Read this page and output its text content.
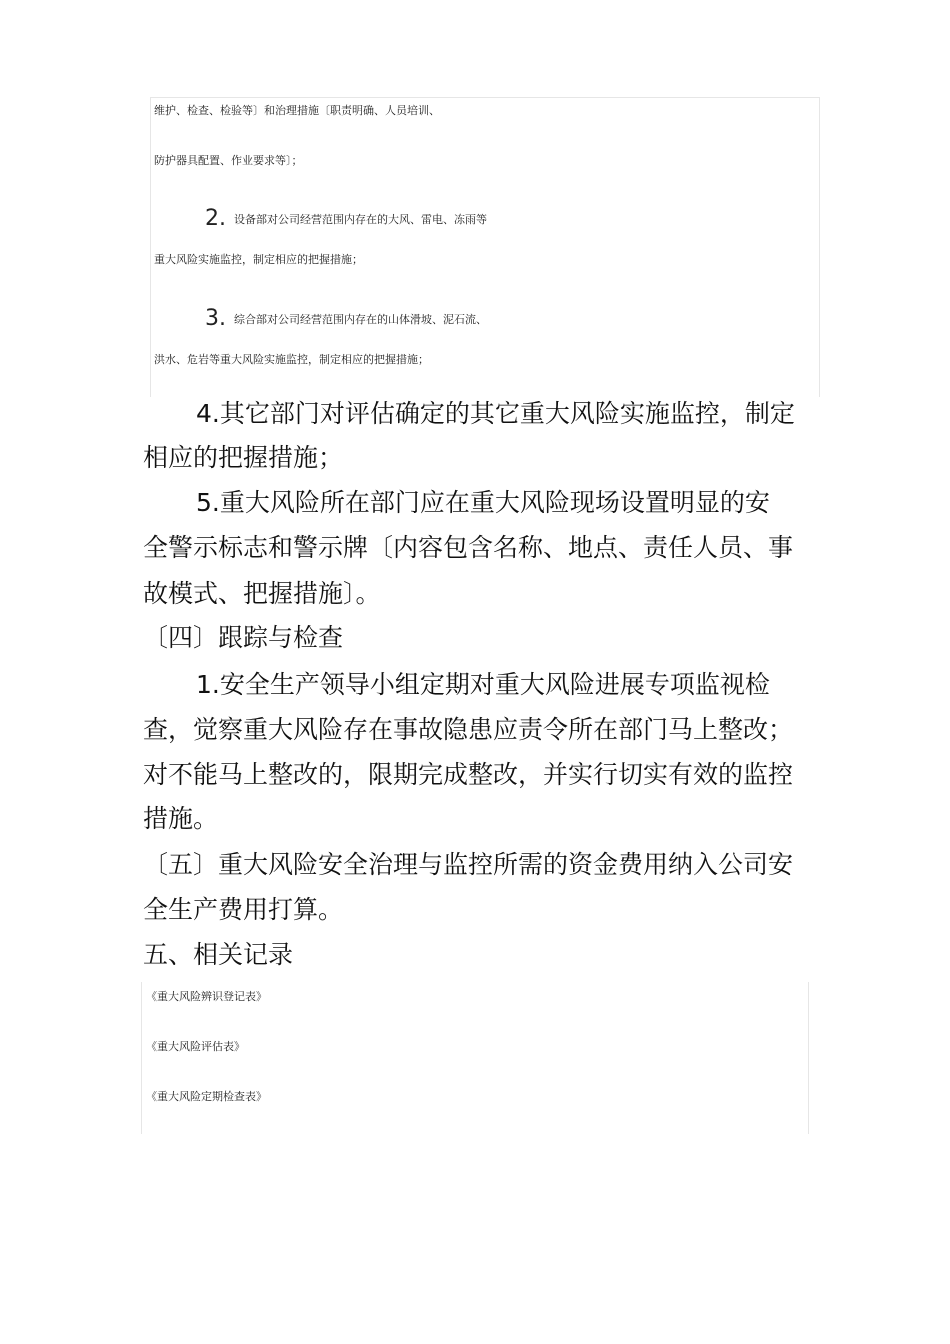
维护、检查、检验等〕和治理措施〔职责明确、人员培训、
防护器具配置、作业要求等〕；
2. 设备部对公司经营范围内存在的大风、雷电、冻雨等
重大风险实施监控，制定相应的把握措施；
3. 综合部对公司经营范围内存在的山体滑坡、泥石流、
洪水、危岩等重大风险实施监控，制定相应的把握措施；
4.其它部门对评估确定的其它重大风险实施监控，制定
相应的把握措施；
5.重大风险所在部门应在重大风险现场设置明显的安
全警示标志和警示牌〔内容包含名称、地点、责任人员、事
故模式、把握措施〕。
〔四〕跟踪与检查
1.安全生产领导小组定期对重大风险进展专项监视检
查，觉察重大风险存在事故隐患应责令所在部门马上整改；
对不能马上整改的，限期完成整改，并实行切实有效的监控
措施。
〔五〕重大风险安全治理与监控所需的资金费用纳入公司安
全生产费用打算。
五、相关记录
《重大风险辨识登记表》
《重大风险评估表》
《重大风险定期检查表》
